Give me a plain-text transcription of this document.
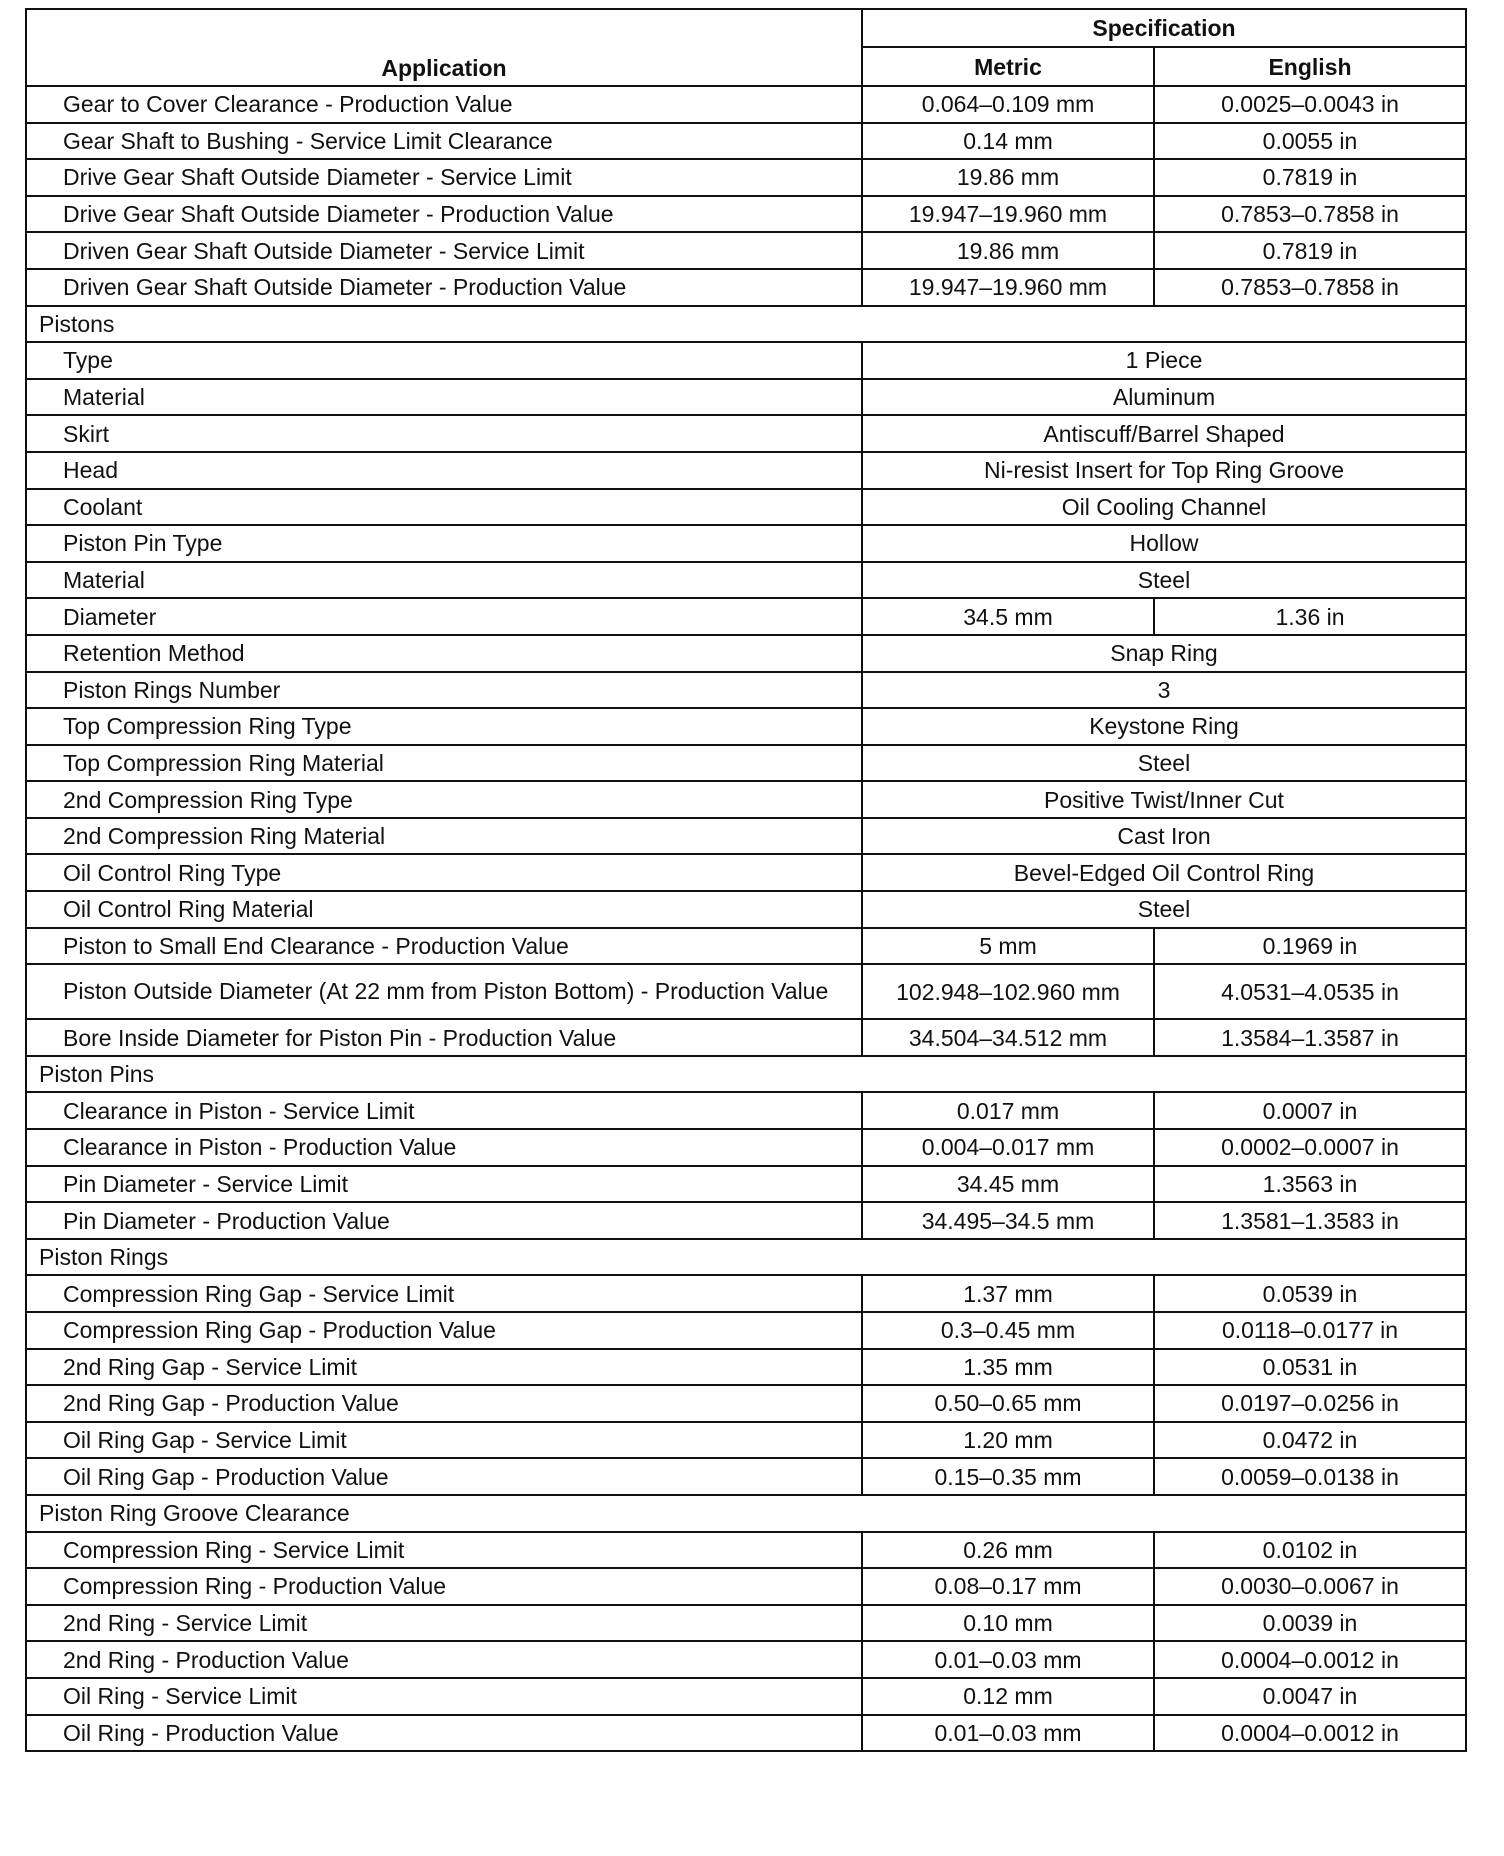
Application	Specification	
	Metric	English
Gear to Cover Clearance - Production Value	0.064–0.109 mm	0.0025–0.0043 in
Gear Shaft to Bushing - Service Limit Clearance	0.14 mm	0.0055 in
Drive Gear Shaft Outside Diameter - Service Limit	19.86 mm	0.7819 in
Drive Gear Shaft Outside Diameter - Production Value	19.947–19.960 mm	0.7853–0.7858 in
Driven Gear Shaft Outside Diameter - Service Limit	19.86 mm	0.7819 in
Driven Gear Shaft Outside Diameter - Production Value	19.947–19.960 mm	0.7853–0.7858 in
Pistons		
Type	1 Piece	
Material	Aluminum	
Skirt	Antiscuff/Barrel Shaped	
Head	Ni-resist Insert for Top Ring Groove	
Coolant	Oil Cooling Channel	
Piston Pin Type	Hollow	
Material	Steel	
Diameter	34.5 mm	1.36 in
Retention Method	Snap Ring	
Piston Rings Number	3	
Top Compression Ring Type	Keystone Ring	
Top Compression Ring Material	Steel	
2nd Compression Ring Type	Positive Twist/Inner Cut	
2nd Compression Ring Material	Cast Iron	
Oil Control Ring Type	Bevel-Edged Oil Control Ring	
Oil Control Ring Material	Steel	
Piston to Small End Clearance - Production Value	5 mm	0.1969 in
Piston Outside Diameter (At 22 mm from Piston Bottom) - Production Value	102.948–102.960 mm	4.0531–4.0535 in
Bore Inside Diameter for Piston Pin - Production Value	34.504–34.512 mm	1.3584–1.3587 in
Piston Pins		
Clearance in Piston - Service Limit	0.017 mm	0.0007 in
Clearance in Piston - Production Value	0.004–0.017 mm	0.0002–0.0007 in
Pin Diameter - Service Limit	34.45 mm	1.3563 in
Pin Diameter - Production Value	34.495–34.5 mm	1.3581–1.3583 in
Piston Rings		
Compression Ring Gap - Service Limit	1.37 mm	0.0539 in
Compression Ring Gap - Production Value	0.3–0.45 mm	0.0118–0.0177 in
2nd Ring Gap - Service Limit	1.35 mm	0.0531 in
2nd Ring Gap - Production Value	0.50–0.65 mm	0.0197–0.0256 in
Oil Ring Gap - Service Limit	1.20 mm	0.0472 in
Oil Ring Gap - Production Value	0.15–0.35 mm	0.0059–0.0138 in
Piston Ring Groove Clearance		
Compression Ring - Service Limit	0.26 mm	0.0102 in
Compression Ring - Production Value	0.08–0.17 mm	0.0030–0.0067 in
2nd Ring - Service Limit	0.10 mm	0.0039 in
2nd Ring - Production Value	0.01–0.03 mm	0.0004–0.0012 in
Oil Ring - Service Limit	0.12 mm	0.0047 in
Oil Ring - Production Value	0.01–0.03 mm	0.0004–0.0012 in
